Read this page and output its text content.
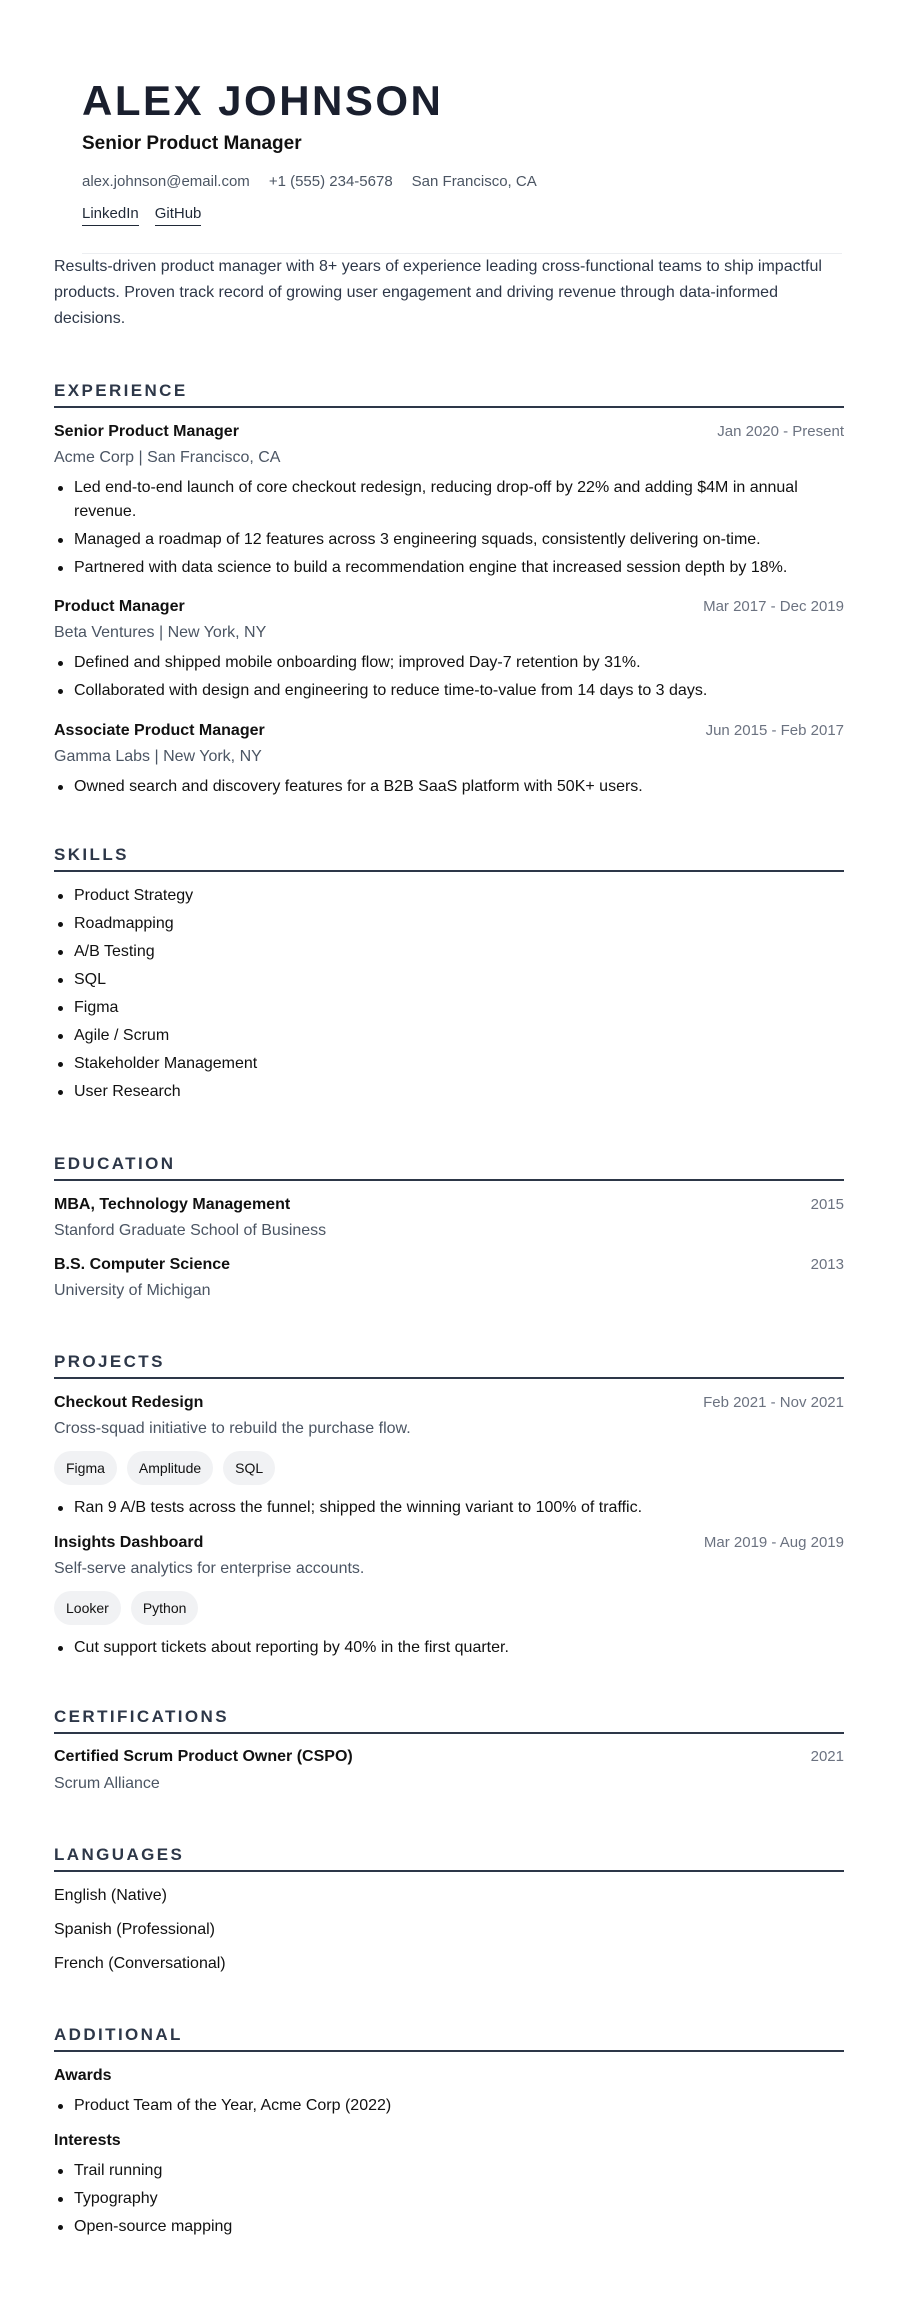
ALEX JOHNSON
Senior Product Manager
alex.johnson@email.com +1 (555) 234-5678 San Francisco, CA
LinkedIn GitHub

Results-driven product manager with 8+ years of experience leading cross-functional teams to ship impactful products. Proven track record of growing user engagement and driving revenue through data-informed decisions.

EXPERIENCE
Senior Product Manager	Jan 2020 - Present
Acme Corp | San Francisco, CA
Led end-to-end launch of core checkout redesign, reducing drop-off by 22% and adding $4M in annual revenue.
Managed a roadmap of 12 features across 3 engineering squads, consistently delivering on-time.
Partnered with data science to build a recommendation engine that increased session depth by 18%.
Product Manager	Mar 2017 - Dec 2019
Beta Ventures | New York, NY
Defined and shipped mobile onboarding flow; improved Day-7 retention by 31%.
Collaborated with design and engineering to reduce time-to-value from 14 days to 3 days.
Associate Product Manager	Jun 2015 - Feb 2017
Gamma Labs | New York, NY
Owned search and discovery features for a B2B SaaS platform with 50K+ users.
SKILLS
Product Strategy
Roadmapping
A/B Testing
SQL
Figma
Agile / Scrum
Stakeholder Management
User Research
EDUCATION
MBA, Technology Management	2015
Stanford Graduate School of Business
B.S. Computer Science	2013
University of Michigan
PROJECTS
Checkout Redesign	Feb 2021 - Nov 2021
Cross-squad initiative to rebuild the purchase flow.
Figma	Amplitude	SQL
Ran 9 A/B tests across the funnel; shipped the winning variant to 100% of traffic.
Insights Dashboard	Mar 2019 - Aug 2019
Self-serve analytics for enterprise accounts.
Looker	Python
Cut support tickets about reporting by 40% in the first quarter.
CERTIFICATIONS
Certified Scrum Product Owner (CSPO)	2021
Scrum Alliance
LANGUAGES
English (Native)
Spanish (Professional)
French (Conversational)
ADDITIONAL
Awards
Product Team of the Year, Acme Corp (2022)
Interests
Trail running
Typography
Open-source mapping
